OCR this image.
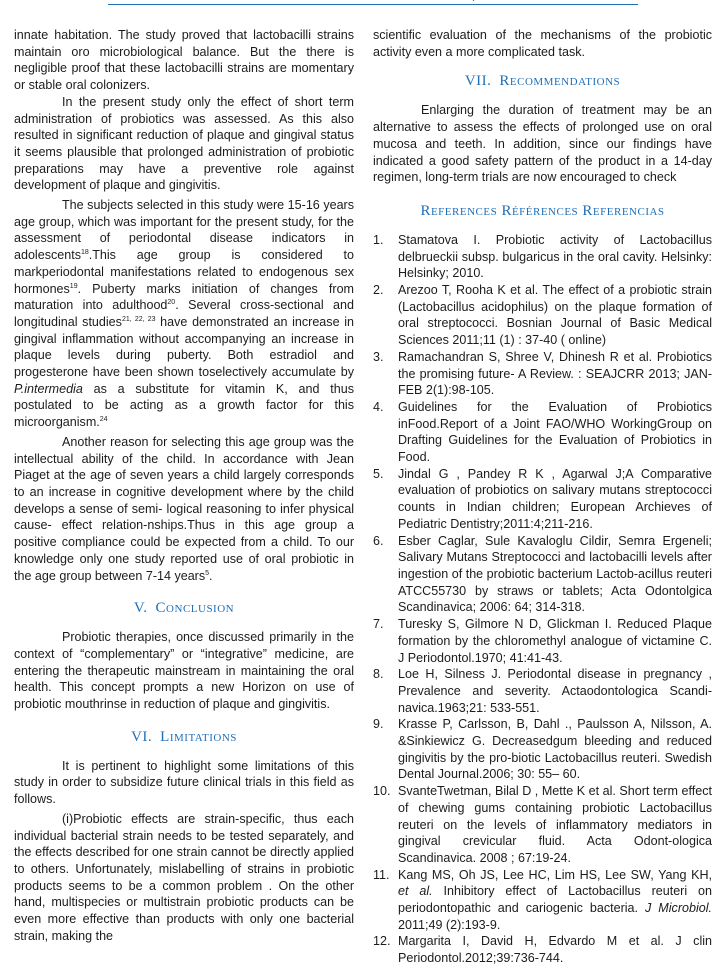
innate habitation. The study proved that lactobacilli strains maintain oro microbiological balance. But the there is negligible proof that these lactobacilli strains are momentary or stable oral colonizers.

In the present study only the effect of short term administration of probiotics was assessed. As this also resulted in significant reduction of plaque and gingival status it seems plausible that prolonged administration of probiotic preparations may have a preventive role against development of plaque and gingivitis.

The subjects selected in this study were 15-16 years age group, which was important for the present study, for the assessment of periodontal disease indicators in adolescents$^{18}$.This age group is considered to markperiodontal manifestations related to endogenous sex hormones$^{19}$. Puberty marks initiation of changes from maturation into adulthood$^{20}$. Several cross-sectional and longitudinal studies$^{21, 22, 23}$ have demonstrated an increase in gingival inflammation without accompanying an increase in plaque levels during puberty. Both estradiol and progesterone have been shown toselectively accumulate by P.intermedia as a substitute for vitamin K, and thus postulated to be acting as a growth factor for this microorganism.$^{24}$

Another reason for selecting this age group was the intellectual ability of the child. In accordance with Jean Piaget at the age of seven years a child largely corresponds to an increase in cognitive development where by the child develops a sense of semi- logical reasoning to infer physical cause- effect relation-nships.Thus in this age group a positive compliance could be expected from a child. To our knowledge only one study reported use of oral probiotic in the age group between 7-14 years$^5$.

V. Conclusion

Probiotic therapies, once discussed primarily in the context of “complementary” or “integrative” medicine, are entering the therapeutic mainstream in maintaining the oral health. This concept prompts a new Horizon on use of probiotic mouthrinse in reduction of plaque and gingivitis.

VI. Limitations

It is pertinent to highlight some limitations of this study in order to subsidize future clinical trials in this field as follows.

(i)Probiotic effects are strain-specific, thus each individual bacterial strain needs to be tested separately, and the effects described for one strain cannot be directly applied to others. Unfortunately, mislabelling of strains in probiotic products seems to be a common problem . On the other hand, multispecies or multistrain probiotic products can be even more effective than products with only one bacterial strain, making the

scientific evaluation of the mechanisms of the probiotic activity even a more complicated task.

VII. Recommendations

Enlarging the duration of treatment may be an alternative to assess the effects of prolonged use on oral mucosa and teeth. In addition, since our findings have indicated a good safety pattern of the product in a 14-day regimen, long-term trials are now encouraged to check

References Références Referencias
1.	Stamatova I. Probiotic activity of Lactobacillus delbrueckii subsp. bulgaricus in the oral cavity. Helsinky: Helsinky; 2010.
2.	Arezoo T, Rooha K et al. The effect of a probiotic strain (Lactobacillus acidophilus) on the plaque formation of oral streptococci. Bosnian Journal of Basic Medical Sciences 2011;11 (1) : 37-40 ( online)
3.	Ramachandran S, Shree V, Dhinesh R et al. Probiotics the promising future- A Review. : SEAJCRR 2013; JAN-FEB 2(1):98-105.
4.	Guidelines for the Evaluation of Probiotics inFood.Report of a Joint FAO/WHO WorkingGroup on Drafting Guidelines for the Evaluation of Probiotics in Food.
5.	Jindal G , Pandey R K , Agarwal J;A Comparative evaluation of probiotics on salivary mutans streptococci counts in Indian children; European Archieves of Pediatric Dentistry;2011:4;211-216.
6.	Esber Caglar, Sule Kavaloglu Cildir, Semra Ergeneli; Salivary Mutans Streptococci and lactobacilli levels after ingestion of the probiotic bacterium Lactob-acillus reuteri ATCC55730 by straws or tablets; Acta Odontolgica Scandinavica; 2006: 64; 314-318.
7.	Turesky S, Gilmore N D, Glickman I. Reduced Plaque formation by the chloromethyl analogue of victamine C. J Periodontol.1970; 41:41-43.
8.	Loe H, Silness J. Periodontal disease in pregnancy , Prevalence and severity. Actaodontologica Scandi-navica.1963;21: 533-551.
9.	Krasse P, Carlsson, B, Dahl ., Paulsson A, Nilsson, A. &Sinkiewicz G. Decreasedgum bleeding and reduced gingivitis by the pro-biotic Lactobacillus reuteri. Swedish Dental Journal.2006; 30: 55– 60.
10. SvanteTwetman, Bilal D , Mette K et al. Short term effect of chewing gums containing probiotic Lactobacillus reuteri on the levels of inflammatory mediators in gingival crevicular fluid. Acta Odont-ologica Scandinavica. 2008 ; 67:19-24.
11. Kang MS, Oh JS, Lee HC, Lim HS, Lee SW, Yang KH, et al. Inhibitory effect of Lactobacillus reuteri on periodontopathic and cariogenic bacteria. J Microbiol. 2011;49 (2):193-9.
12. Margarita I, David H, Edvardo M et al. J clin Periodontol.2012;39:736-744.
